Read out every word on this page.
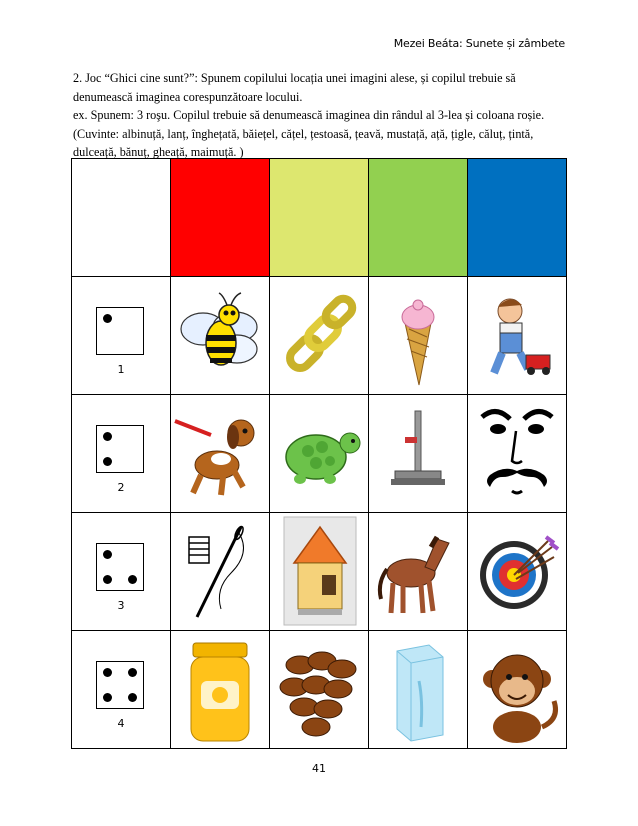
Mezei Beáta: Sunete și zâmbete

2. Joc “Ghici cine sunt?”: Spunem copilului locația unei imagini alese, și copilul trebuie să denumească imaginea corespunzătoare locului.

ex. Spunem: 3 roşu. Copilul trebuie să denumească imaginea din rândul al 3-lea și coloana roșie.

(Cuvinte: albinuță, lanț, înghețată, băiețel, cățel, țestoasă, țeavă, mustață, ață, țigle, căluț, țintă, dulceață, bănuț, gheață, maimuță. )

1
2
3
4
41
